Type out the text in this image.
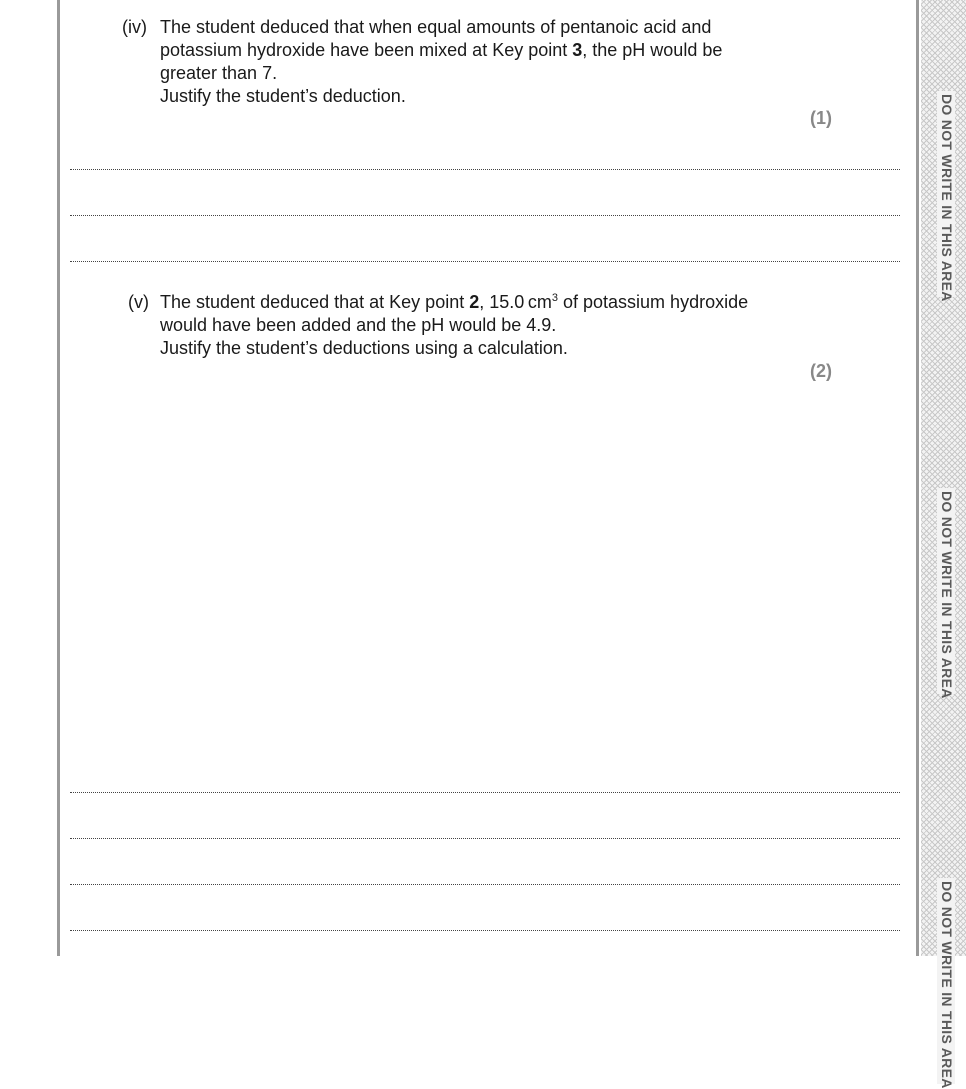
DO NOT WRITE IN THIS AREA
DO NOT WRITE IN THIS AREA
DO NOT WRITE IN THIS AREA
(iv) The student deduced that when equal amounts of pentanoic acid and

potassium hydroxide have been mixed at Key point 3, the pH would be

greater than 7.

Justify the student’s deduction.

(1)
(v) The student deduced that at Key point 2, 15.0 $cm^3$ of potassium hydroxide

would have been added and the pH would be 4.9.

Justify the student’s deductions using a calculation.

(2)
